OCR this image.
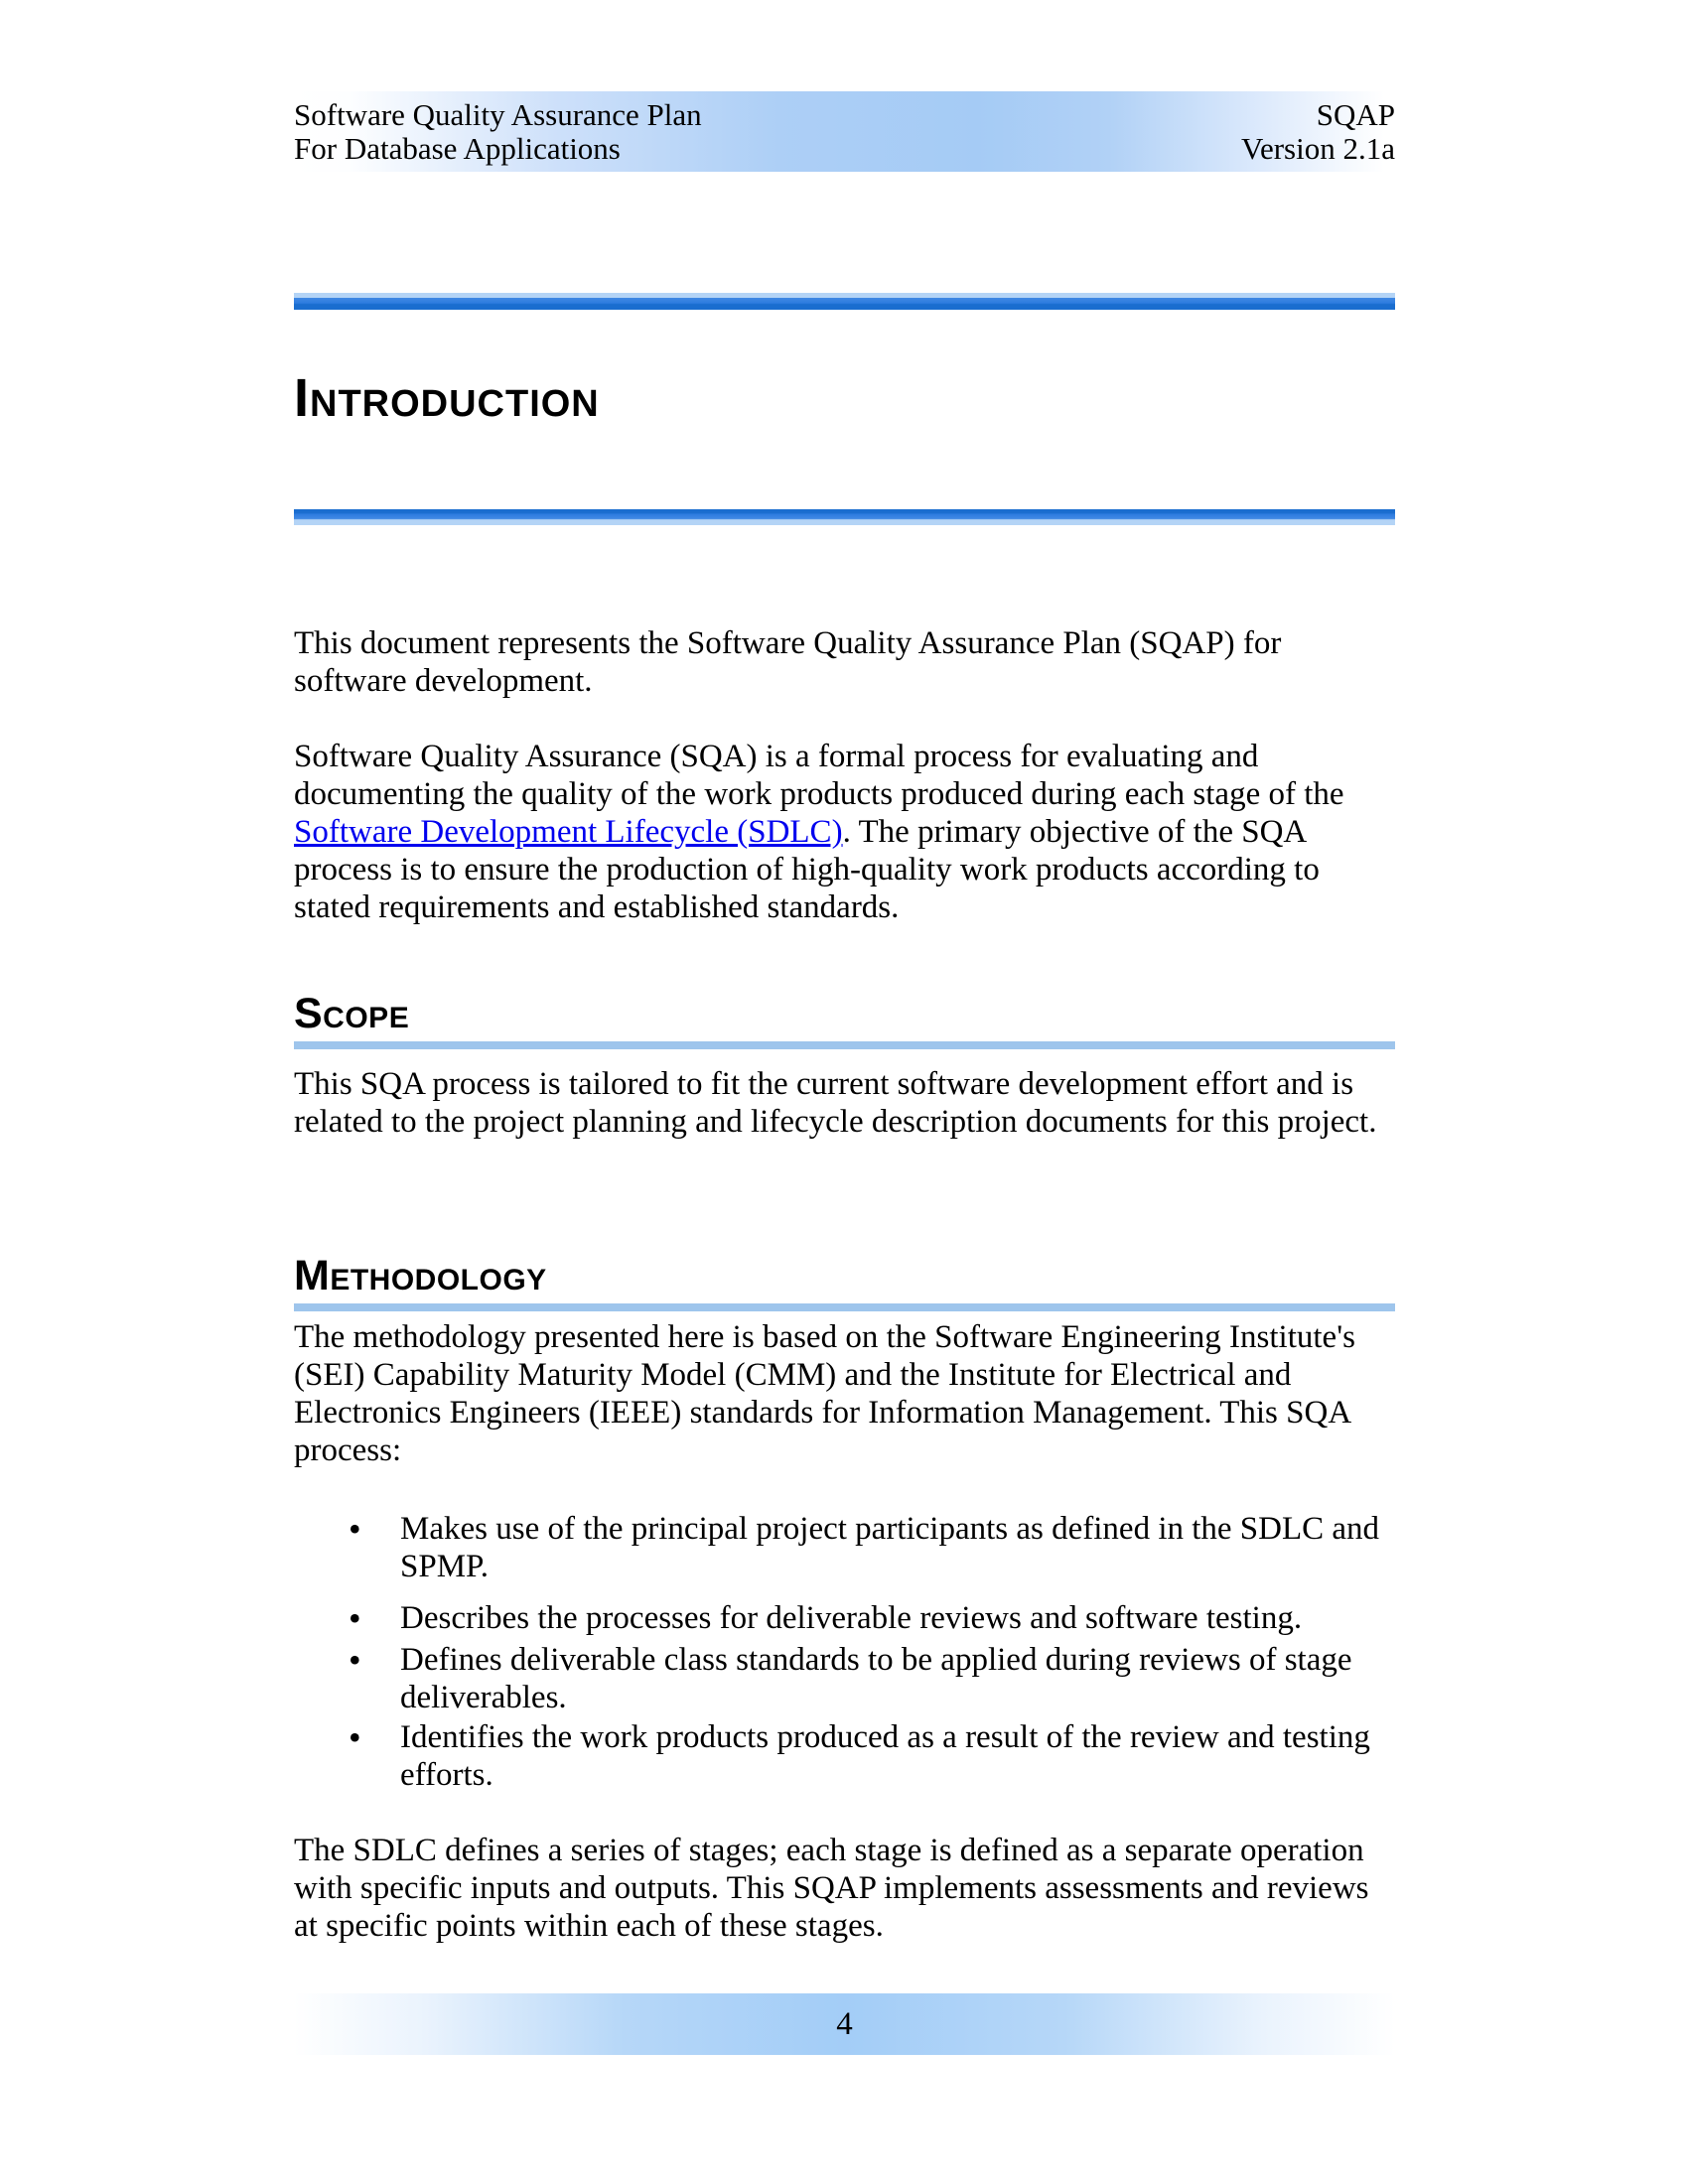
Software Quality Assurance Plan
For Database Applications
SQAP
Version 2.1a
Introduction
This document represents the Software Quality Assurance Plan (SQAP) for software development.
Software Quality Assurance (SQA) is a formal process for evaluating and documenting the quality of the work products produced during each stage of the Software Development Lifecycle (SDLC). The primary objective of the SQA process is to ensure the production of high-quality work products according to stated requirements and established standards.
Scope
This SQA process is tailored to fit the current software development effort and is related to the project planning and lifecycle description documents for this project.
Methodology
The methodology presented here is based on the Software Engineering Institute's (SEI) Capability Maturity Model (CMM) and the Institute for Electrical and Electronics Engineers (IEEE) standards for Information Management. This SQA process:
• Makes use of the principal project participants as defined in the SDLC and SPMP.
• Describes the processes for deliverable reviews and software testing.
• Defines deliverable class standards to be applied during reviews of stage deliverables.
• Identifies the work products produced as a result of the review and testing efforts.
The SDLC defines a series of stages; each stage is defined as a separate operation with specific inputs and outputs. This SQAP implements assessments and reviews at specific points within each of these stages.
4
